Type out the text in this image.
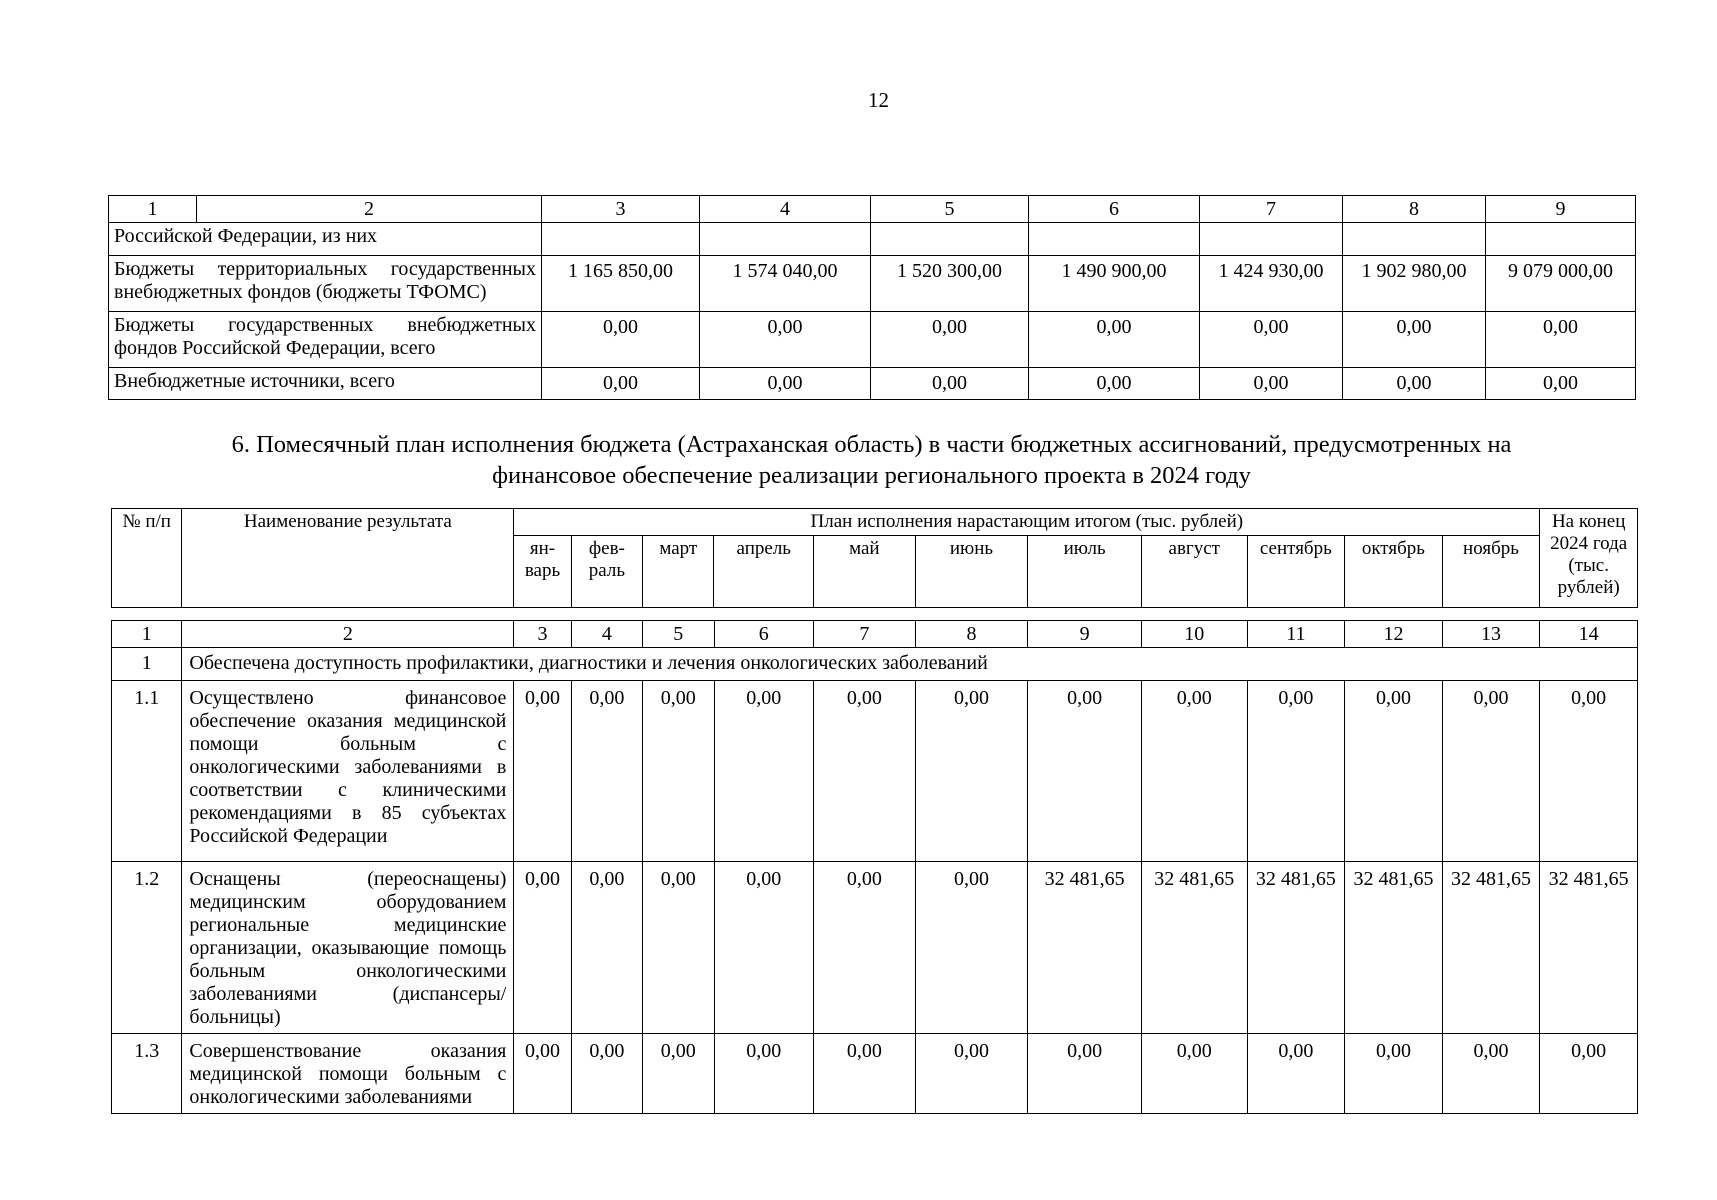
12
1	2	3	4	5	6	7	8	9
Российской Федерации, из них								
Бюджеты территориальных государственных внебюджетных фондов (бюджеты ТФОМС)		1 165 850,00	1 574 040,00	1 520 300,00	1 490 900,00	1 424 930,00	1 902 980,00	9 079 000,00
Бюджеты государственных внебюджетных фондов Российской Федерации, всего		0,00	0,00	0,00	0,00	0,00	0,00	0,00
Внебюджетные источники, всего		0,00	0,00	0,00	0,00	0,00	0,00	0,00
6. Помесячный план исполнения бюджета (Астраханская область) в части бюджетных ассигнований, предусмотренных на
финансовое обеспечение реализации регионального проекта в 2024 году
№ п/п	Наименование результата	План исполнения нарастающим итогом (тыс. рублей)											На конец 2024 года (тыс. рублей)
		ян-варь	фев-раль	март	апрель	май	июнь	июль	август	сентябрь	октябрь	ноябрь	
1	2	3	4	5	6	7	8	9	10	11	12	13	14
1	Обеспечена доступность профилактики, диагностики и лечения онкологических заболеваний												
1.1	Осуществлено финансовое обеспечение оказания медицинской помощи больным с онкологическими заболеваниями в соответствии с клиническими рекомендациями в 85 субъектах Российской Федерации	0,00	0,00	0,00	0,00	0,00	0,00	0,00	0,00	0,00	0,00	0,00	0,00
1.2	Оснащены (переоснащены) медицинским оборудованием региональные медицинские организации, оказывающие помощь больным онкологическими заболеваниями (диспансеры/больницы)	0,00	0,00	0,00	0,00	0,00	0,00	32 481,65	32 481,65	32 481,65	32 481,65	32 481,65	32 481,65
1.3	Совершенствование оказания медицинской помощи больным с онкологическими заболеваниями	0,00	0,00	0,00	0,00	0,00	0,00	0,00	0,00	0,00	0,00	0,00	0,00
